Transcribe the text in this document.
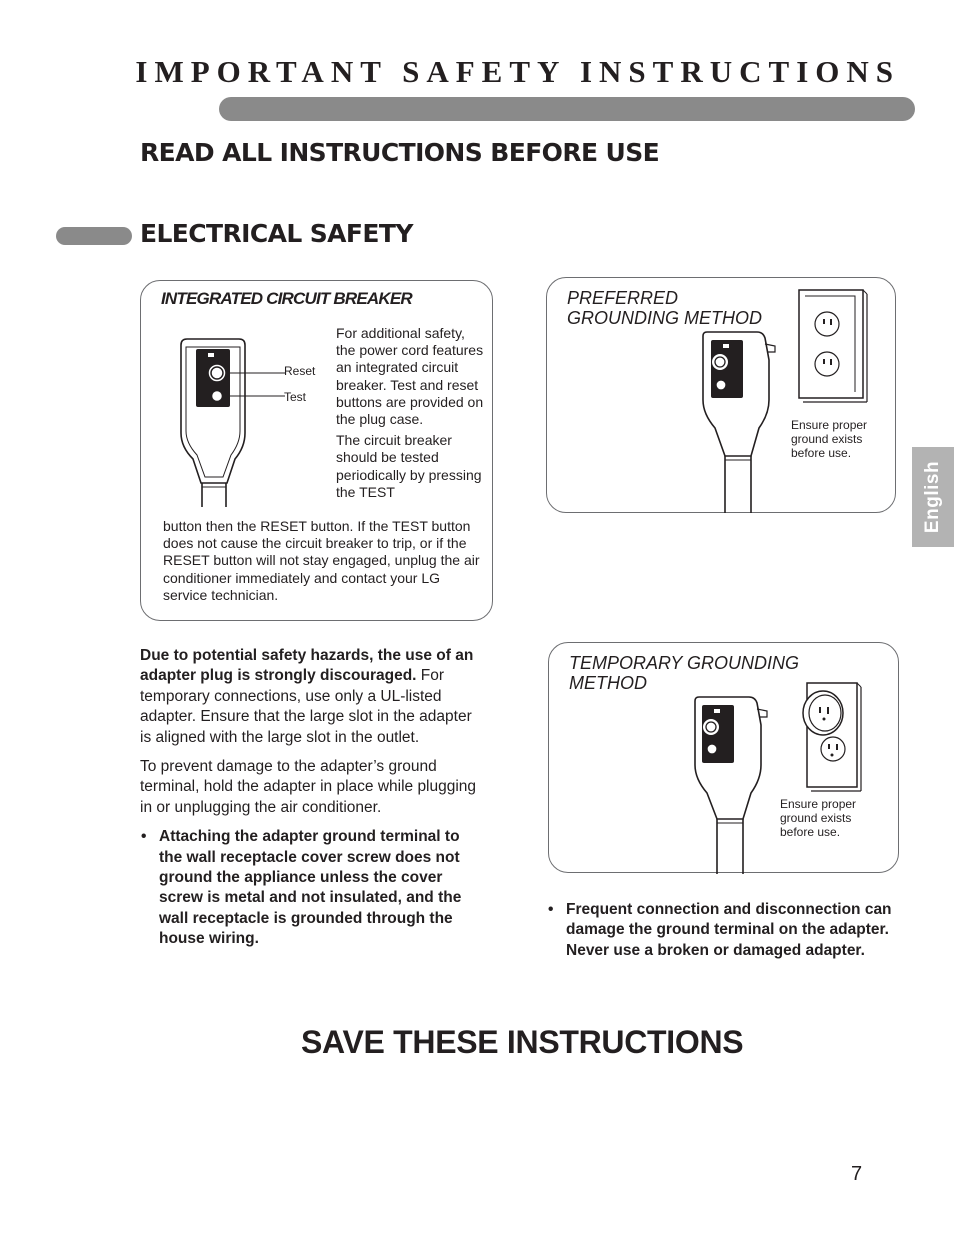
IMPORTANT SAFETY INSTRUCTIONS
READ ALL INSTRUCTIONS BEFORE USE
ELECTRICAL SAFETY
English
INTEGRATED CIRCUIT BREAKER
Reset
Test

For additional safety, the power cord features an integrated circuit breaker. Test and reset buttons are provided on the plug case.

The circuit breaker should be tested periodically by pressing the TEST

button then the RESET button. If the TEST button does not cause the circuit breaker to trip, or if the RESET button will not stay engaged, unplug the air conditioner immediately and contact your LG service technician.
PREFERRED
GROUNDING METHOD
Ensure proper ground exists before use.
TEMPORARY GROUNDING
METHOD
Ensure proper ground exists before use.

Due to potential safety hazards, the use of an adapter plug is strongly discouraged. For temporary connections, use only a UL-listed adapter. Ensure that the large slot in the adapter is aligned with the large slot in the outlet.

To prevent damage to the adapter’s ground terminal, hold the adapter in place while plugging in or unplugging the air conditioner.

• Attaching the adapter ground terminal to the wall receptacle cover screw does not ground the appliance unless the cover screw is metal and not insulated, and the wall receptacle is grounded through the house wiring.
• Frequent connection and disconnection can damage the ground terminal on the adapter. Never use a broken or damaged adapter.
SAVE THESE INSTRUCTIONS
7
